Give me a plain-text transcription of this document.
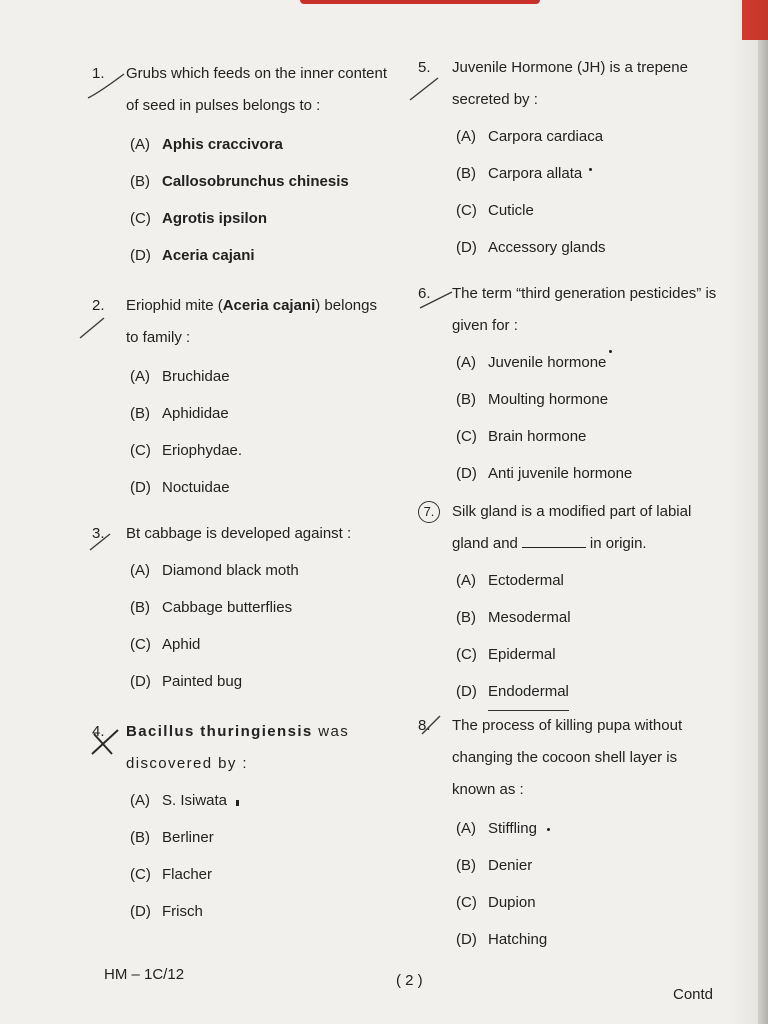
1.	Grubs which feeds on the inner content of seed in pulses belongs to :
(A) Aphis craccivora
(B) Callosobrunchus chinesis
(C) Agrotis ipsilon
(D) Aceria cajani
2.	Eriophid mite (Aceria cajani) belongs to family :
(A) Bruchidae
(B) Aphididae
(C) Eriophydae.
(D) Noctuidae
3.	Bt cabbage is developed against :
(A) Diamond black moth
(B) Cabbage butterflies
(C) Aphid
(D) Painted bug
4.	Bacillus thuringiensis was discovered by :
(A) S. Isiwata
(B) Berliner
(C) Flacher
(D) Frisch
5.	Juvenile Hormone (JH) is a trepene secreted by :
(A) Carpora cardiaca
(B) Carpora allata
(C) Cuticle
(D) Accessory glands
6.	The term “third generation pesticides” is given for :
(A) Juvenile hormone
(B) Moulting hormone
(C) Brain hormone
(D) Anti juvenile hormone
7.	Silk gland is a modified part of labial gland and	in origin.
(A) Ectodermal
(B) Mesodermal
(C) Epidermal
(D) Endodermal
8.	The process of killing pupa without changing the cocoon shell layer is known as :
(A) Stiffling
(B) Denier
(C) Dupion
(D) Hatching
HM – 1C/12	( 2 )
Contd
